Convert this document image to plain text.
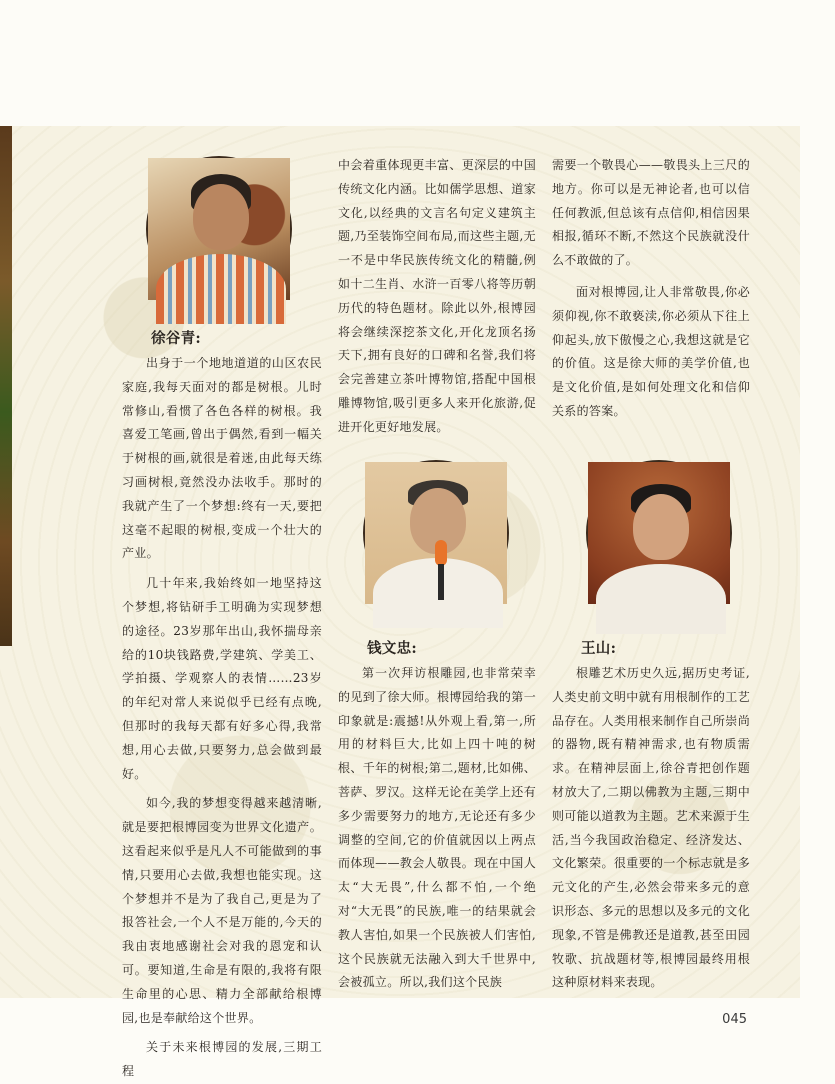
徐谷青:

出身于一个地地道道的山区农民家庭,我每天面对的都是树根。儿时常修山,看惯了各色各样的树根。我喜爱工笔画,曾出于偶然,看到一幅关于树根的画,就很是着迷,由此每天练习画树根,竟然没办法收手。那时的我就产生了一个梦想:终有一天,要把这毫不起眼的树根,变成一个壮大的产业。

几十年来,我始终如一地坚持这个梦想,将钻研手工明确为实现梦想的途径。23岁那年出山,我怀揣母亲给的10块钱路费,学建筑、学美工、学拍摄、学观察人的表情……23岁的年纪对常人来说似乎已经有点晚,但那时的我每天都有好多心得,我常想,用心去做,只要努力,总会做到最好。

如今,我的梦想变得越来越清晰,就是要把根博园变为世界文化遗产。这看起来似乎是凡人不可能做到的事情,只要用心去做,我想也能实现。这个梦想并不是为了我自己,更是为了报答社会,一个人不是万能的,今天的我由衷地感谢社会对我的恩宠和认可。要知道,生命是有限的,我将有限生命里的心思、精力全部献给根博园,也是奉献给这个世界。

关于未来根博园的发展,三期工程

中会着重体现更丰富、更深层的中国传统文化内涵。比如儒学思想、道家文化,以经典的文言名句定义建筑主题,乃至装饰空间布局,而这些主题,无一不是中华民族传统文化的精髓,例如十二生肖、水浒一百零八将等历朝历代的特色题材。除此以外,根博园将会继续深挖茶文化,开化龙顶名扬天下,拥有良好的口碑和名誉,我们将会完善建立茶叶博物馆,搭配中国根雕博物馆,吸引更多人来开化旅游,促进开化更好地发展。

钱文忠:

第一次拜访根雕园,也非常荣幸的见到了徐大师。根博园给我的第一印象就是:震撼!从外观上看,第一,所用的材料巨大,比如上四十吨的树根、千年的树根;第二,题材,比如佛、菩萨、罗汉。这样无论在美学上还有多少需要努力的地方,无论还有多少调整的空间,它的价值就因以上两点而体现——教会人敬畏。现在中国人太“大无畏”,什么都不怕,一个绝对“大无畏”的民族,唯一的结果就会教人害怕,如果一个民族被人们害怕,这个民族就无法融入到大千世界中,会被孤立。所以,我们这个民族

需要一个敬畏心——敬畏头上三尺的地方。你可以是无神论者,也可以信任何教派,但总该有点信仰,相信因果相报,循环不断,不然这个民族就没什么不敢做的了。

面对根博园,让人非常敬畏,你必须仰视,你不敢亵渎,你必须从下往上仰起头,放下傲慢之心,我想这就是它的价值。这是徐大师的美学价值,也是文化价值,是如何处理文化和信仰关系的答案。

王山:

根雕艺术历史久远,据历史考证,人类史前文明中就有用根制作的工艺品存在。人类用根来制作自己所崇尚的器物,既有精神需求,也有物质需求。在精神层面上,徐谷青把创作题材放大了,二期以佛教为主题,三期中则可能以道教为主题。艺术来源于生活,当今我国政治稳定、经济发达、文化繁荣。很重要的一个标志就是多元文化的产生,必然会带来多元的意识形态、多元的思想以及多元的文化现象,不管是佛教还是道教,甚至田园牧歌、抗战题材等,根博园最终用根这种原材料来表现。

045
